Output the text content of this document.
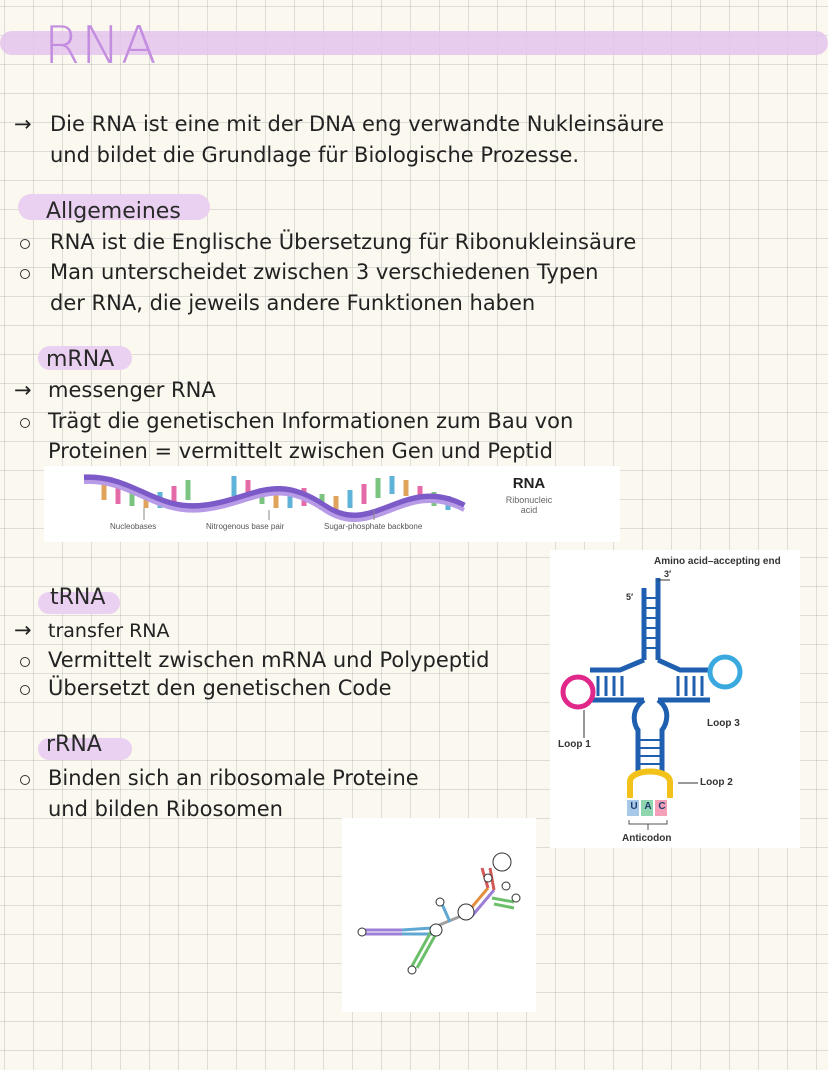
RNA
→ Die RNA ist eine mit der DNA eng verwandte Nukleinsäure
und bildet die Grundlage für Biologische Prozesse.
Allgemeines
RNA ist die Englische Übersetzung für Ribonukleinsäure
Man unterscheidet zwischen 3 verschiedenen Typen
der RNA, die jeweils andere Funktionen haben
mRNA
→ messenger RNA
Trägt die genetischen Informationen zum Bau von
Proteinen = vermittelt zwischen Gen und Peptid
Nucleobases	Nitrogenous base pair	Sugar-phosphate backbone
RNA
Ribonucleic
acid
tRNA
→ transfer RNA
Vermittelt zwischen mRNA und Polypeptid
Übersetzt den genetischen Code
Amino acid–accepting end
3′
5′
Loop 1
Loop 3
Loop 2
U A C
Anticodon
rRNA
Binden sich an ribosomale Proteine
und bilden Ribosomen
